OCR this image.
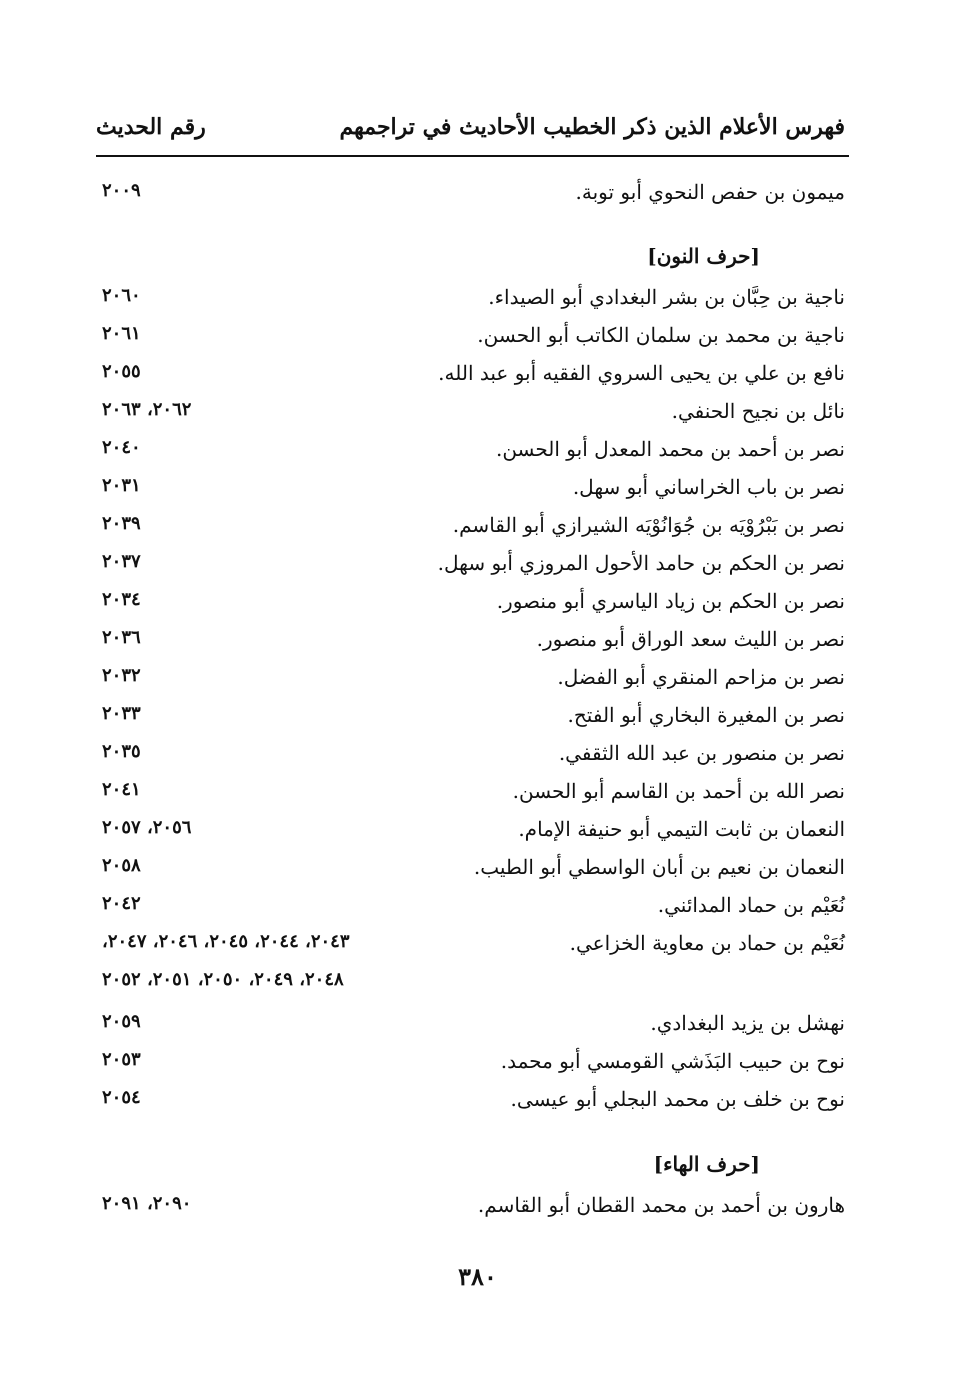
فهرس الأعلام الذين ذكر الخطيب الأحاديث في تراجمهم
رقم الحديث
ميمون بن حفص النحوي أبو توبة.
٢٠٠٩
[حرف النون]
ناجية بن حِبَّان بن بشر البغدادي أبو الصيداء.
٢٠٦٠
ناجية بن محمد بن سلمان الكاتب أبو الحسن.
٢٠٦١
نافع بن علي بن يحيى السروي الفقيه أبو عبد الله.
٢٠٥٥
نائل بن نجيح الحنفي.
٢٠٦٢، ٢٠٦٣
نصر بن أحمد بن محمد المعدل أبو الحسن.
٢٠٤٠
نصر بن باب الخراساني أبو سهل.
٢٠٣١
نصر بن بَبْرُوْيَه بن جُوَانُوْيَه الشيرازي أبو القاسم.
٢٠٣٩
نصر بن الحكم بن حامد الأحول المروزي أبو سهل.
٢٠٣٧
نصر بن الحكم بن زياد الياسري أبو منصور.
٢٠٣٤
نصر بن الليث سعد الوراق أبو منصور.
٢٠٣٦
نصر بن مزاحم المنقري أبو الفضل.
٢٠٣٢
نصر بن المغيرة البخاري أبو الفتح.
٢٠٣٣
نصر بن منصور بن عبد الله الثقفي.
٢٠٣٥
نصر الله بن أحمد بن القاسم أبو الحسن.
٢٠٤١
النعمان بن ثابت التيمي أبو حنيفة الإمام.
٢٠٥٦، ٢٠٥٧
النعمان بن نعيم بن أبان الواسطي أبو الطيب.
٢٠٥٨
نُعَيْم بن حماد المدائني.
٢٠٤٢
نُعَيْم بن حماد بن معاوية الخزاعي.
٢٠٤٣، ٢٠٤٤، ٢٠٤٥، ٢٠٤٦، ٢٠٤٧،
٢٠٤٨، ٢٠٤٩، ٢٠٥٠، ٢٠٥١، ٢٠٥٢
نهشل بن يزيد البغدادي.
٢٠٥٩
نوح بن حبيب البَذَشي القومسي أبو محمد.
٢٠٥٣
نوح بن خلف بن محمد البجلي أبو عيسى.
٢٠٥٤
[حرف الهاء]
هارون بن أحمد بن محمد القطان أبو القاسم.
٢٠٩٠، ٢٠٩١
٣٨٠
